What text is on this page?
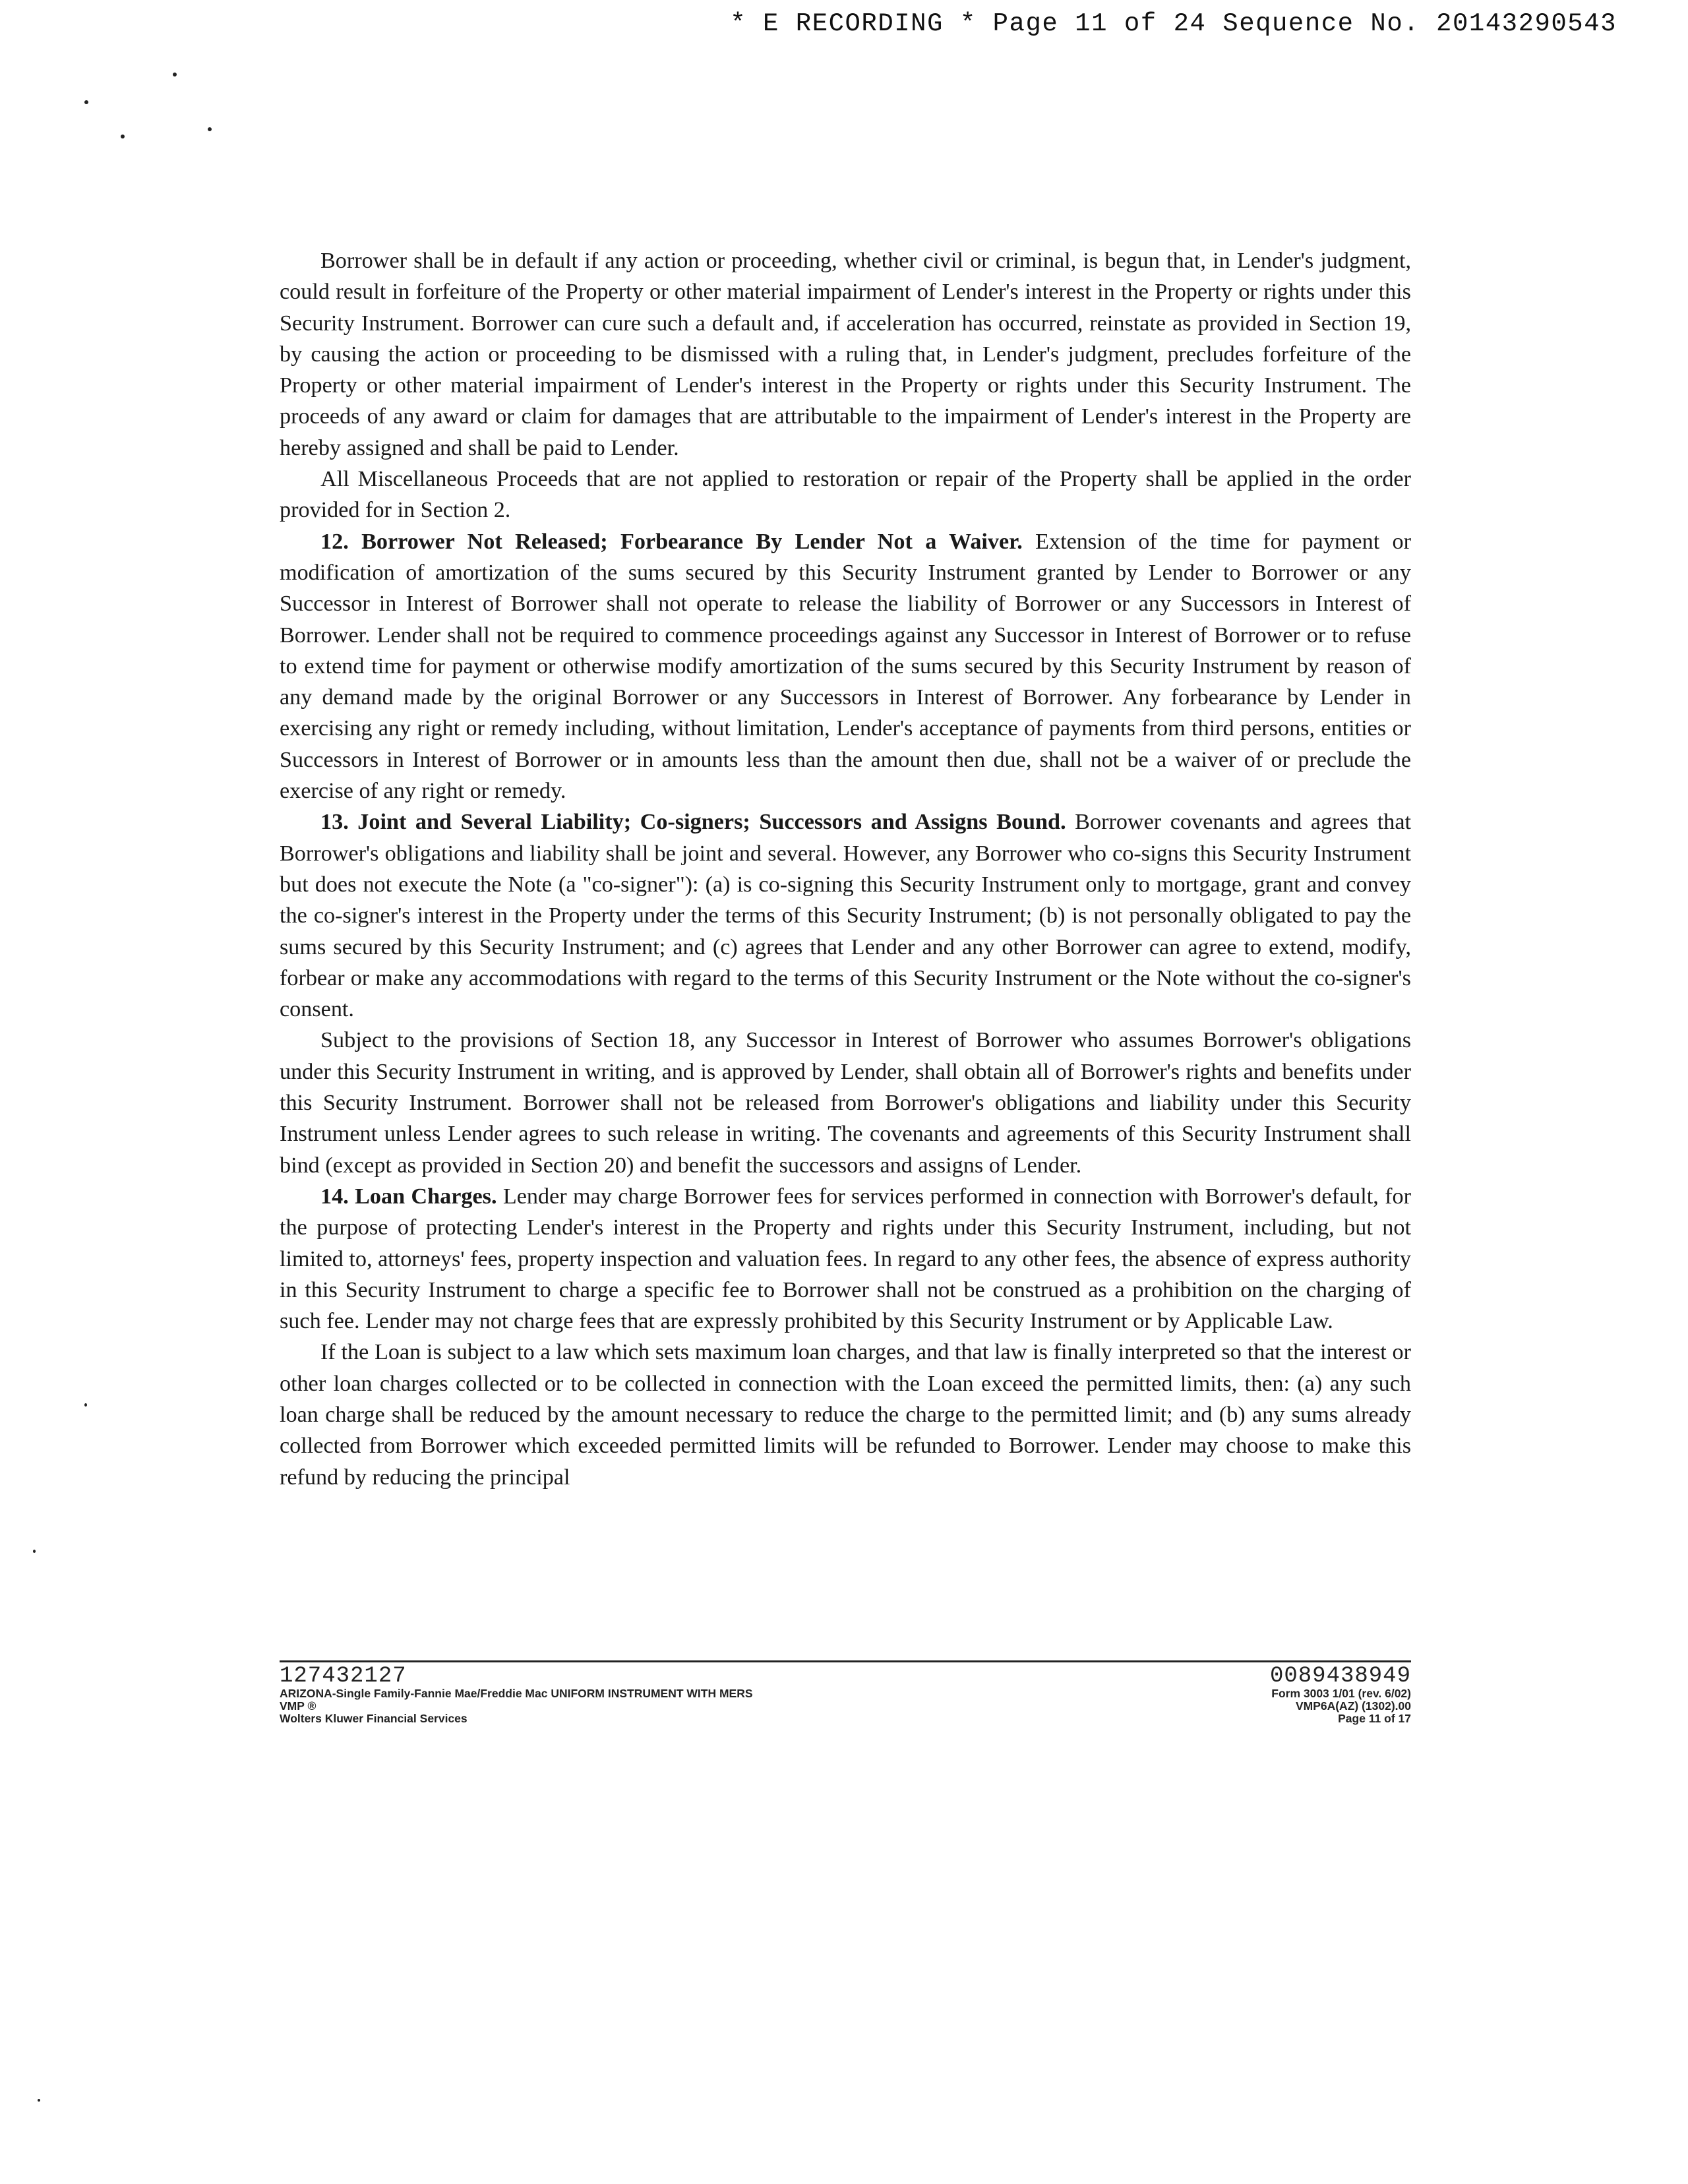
* E RECORDING * Page 11 of 24 Sequence No. 20143290543

Borrower shall be in default if any action or proceeding, whether civil or criminal, is begun that, in Lender's judgment, could result in forfeiture of the Property or other material impairment of Lender's interest in the Property or rights under this Security Instrument. Borrower can cure such a default and, if acceleration has occurred, reinstate as provided in Section 19, by causing the action or proceeding to be dismissed with a ruling that, in Lender's judgment, precludes forfeiture of the Property or other material impairment of Lender's interest in the Property or rights under this Security Instrument. The proceeds of any award or claim for damages that are attributable to the impairment of Lender's interest in the Property are hereby assigned and shall be paid to Lender.

All Miscellaneous Proceeds that are not applied to restoration or repair of the Property shall be applied in the order provided for in Section 2.

12. Borrower Not Released; Forbearance By Lender Not a Waiver. Extension of the time for payment or modification of amortization of the sums secured by this Security Instrument granted by Lender to Borrower or any Successor in Interest of Borrower shall not operate to release the liability of Borrower or any Successors in Interest of Borrower. Lender shall not be required to commence proceedings against any Successor in Interest of Borrower or to refuse to extend time for payment or otherwise modify amortization of the sums secured by this Security Instrument by reason of any demand made by the original Borrower or any Successors in Interest of Borrower. Any forbearance by Lender in exercising any right or remedy including, without limitation, Lender's acceptance of payments from third persons, entities or Successors in Interest of Borrower or in amounts less than the amount then due, shall not be a waiver of or preclude the exercise of any right or remedy.

13. Joint and Several Liability; Co-signers; Successors and Assigns Bound. Borrower covenants and agrees that Borrower's obligations and liability shall be joint and several. However, any Borrower who co-signs this Security Instrument but does not execute the Note (a "co-signer"): (a) is co-signing this Security Instrument only to mortgage, grant and convey the co-signer's interest in the Property under the terms of this Security Instrument; (b) is not personally obligated to pay the sums secured by this Security Instrument; and (c) agrees that Lender and any other Borrower can agree to extend, modify, forbear or make any accommodations with regard to the terms of this Security Instrument or the Note without the co-signer's consent.

Subject to the provisions of Section 18, any Successor in Interest of Borrower who assumes Borrower's obligations under this Security Instrument in writing, and is approved by Lender, shall obtain all of Borrower's rights and benefits under this Security Instrument. Borrower shall not be released from Borrower's obligations and liability under this Security Instrument unless Lender agrees to such release in writing. The covenants and agreements of this Security Instrument shall bind (except as provided in Section 20) and benefit the successors and assigns of Lender.

14. Loan Charges. Lender may charge Borrower fees for services performed in connection with Borrower's default, for the purpose of protecting Lender's interest in the Property and rights under this Security Instrument, including, but not limited to, attorneys' fees, property inspection and valuation fees. In regard to any other fees, the absence of express authority in this Security Instrument to charge a specific fee to Borrower shall not be construed as a prohibition on the charging of such fee. Lender may not charge fees that are expressly prohibited by this Security Instrument or by Applicable Law.

If the Loan is subject to a law which sets maximum loan charges, and that law is finally interpreted so that the interest or other loan charges collected or to be collected in connection with the Loan exceed the permitted limits, then: (a) any such loan charge shall be reduced by the amount necessary to reduce the charge to the permitted limit; and (b) any sums already collected from Borrower which exceeded permitted limits will be refunded to Borrower. Lender may choose to make this refund by reducing the principal

127432127
ARIZONA-Single Family-Fannie Mae/Freddie Mac UNIFORM INSTRUMENT WITH MERS
VMP ®
Wolters Kluwer Financial Services
0089438949
Form 3003 1/01 (rev. 6/02)
VMP6A(AZ) (1302).00
Page 11 of 17
